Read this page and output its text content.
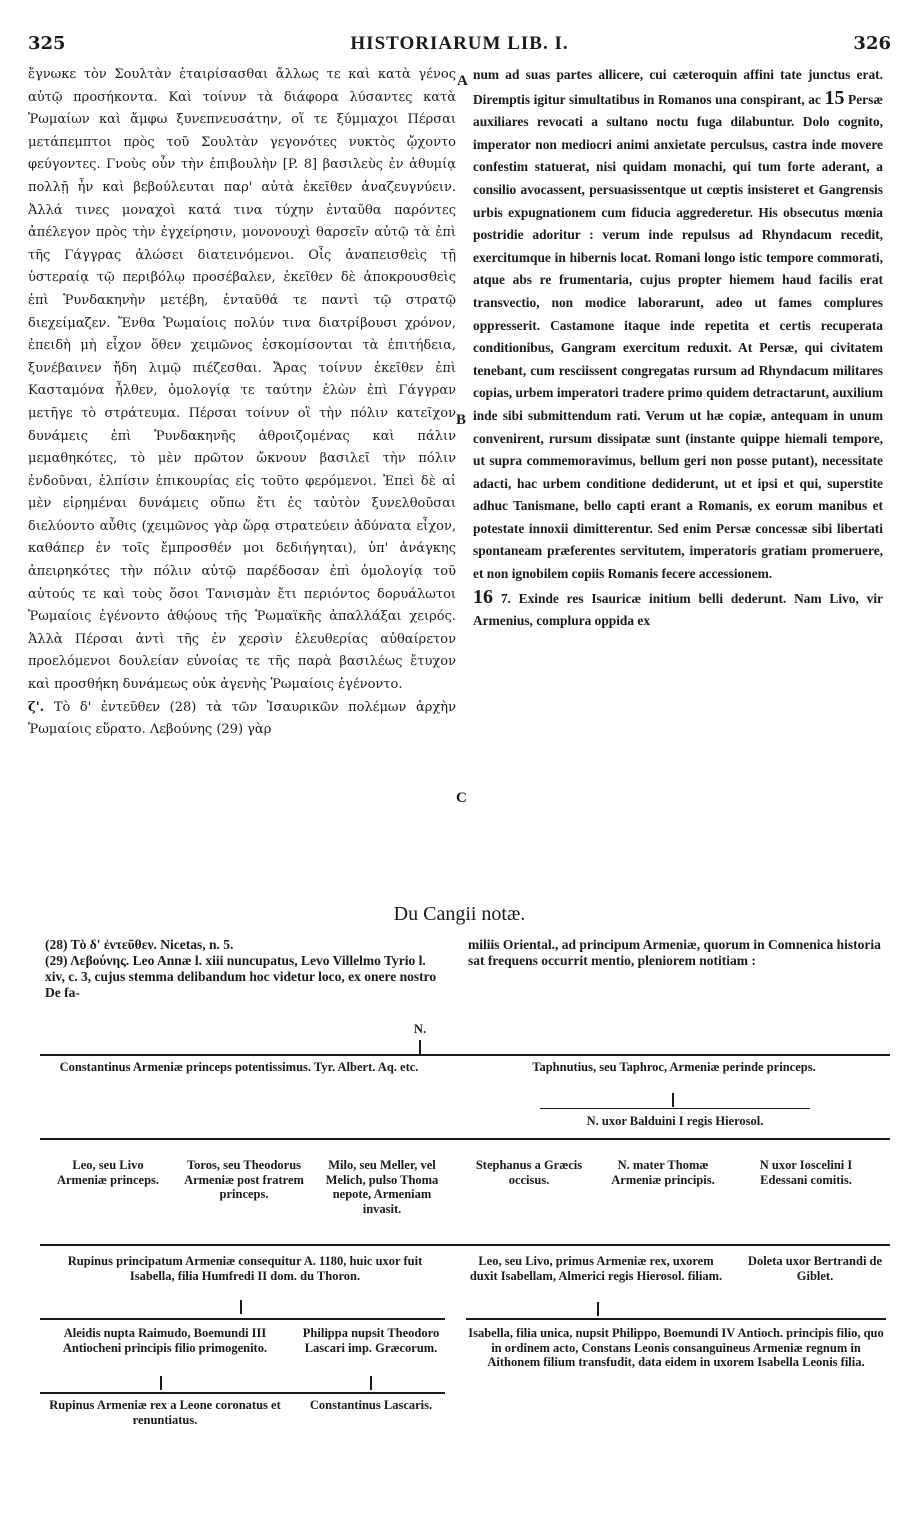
325	HISTORIARUM LIB. I.	326

ἔγνωκε τὸν Σουλτὰν ἑταιρίσασθαι ἄλλως τε καὶ κατὰ γένος αὐτῷ προσήκοντα. Καὶ τοίνυν τὰ διάφορα λύσαντες κατὰ Ῥωμαίων καὶ ἄμφω ξυνεπνευσάτην, οἵ τε ξύμμαχοι Πέρσαι μετάπεμπτοι πρὸς τοῦ Σουλτὰν γεγονότες νυκτὸς ᾤχοντο φεύγοντες. Γνοὺς οὖν τὴν ἐπιβουλὴν [P. 8] βασιλεὺς ἐν ἀθυμίᾳ πολλῇ ἦν καὶ βεβούλευται παρ' αὐτὰ ἐκεῖθεν ἀναζευγνύειν. Ἀλλά τινες μοναχοὶ κατά τινα τύχην ἐνταῦθα παρόντες ἀπέλεγον πρὸς τὴν ἐγχείρησιν, μονονουχὶ θαρσεῖν αὐτῷ τὰ ἐπὶ τῆς Γάγγρας ἁλώσει διατεινόμενοι. Οἷς ἀναπεισθεὶς τῇ ὑστεραίᾳ τῷ περιβόλῳ προσέβαλεν, ἐκεῖθεν δὲ ἀποκρουσθεὶς ἐπὶ Ῥυνδακηνὴν μετέβη, ἐνταῦθά τε παντὶ τῷ στρατῷ διεχείμαζεν. Ἔνθα Ῥωμαίοις πολύν τινα διατρίβουσι χρόνον, ἐπειδὴ μὴ εἶχον ὅθεν χειμῶνος ἐσκομίσονται τὰ ἐπιτήδεια, ξυνέβαινεν ἤδη λιμῷ πιέζεσθαι. Ἄρας τοίνυν ἐκεῖθεν ἐπὶ Κασταμόνα ἦλθεν, ὁμολογίᾳ τε ταύτην ἑλὼν ἐπὶ Γάγγραν μετῆγε τὸ στράτευμα. Πέρσαι τοίνυν οἳ τὴν πόλιν κατεῖχον δυνάμεις ἐπὶ Ῥυνδακηνῆς ἀθροιζομένας καὶ πάλιν μεμαθηκότες, τὸ μὲν πρῶτον ὤκνουν βασιλεῖ τὴν πόλιν ἐνδοῦναι, ἐλπίσιν ἐπικουρίας εἰς τοῦτο φερόμενοι. Ἐπεὶ δὲ αἱ μὲν εἰρημέναι δυνάμεις οὔπω ἔτι ἐς ταὐτὸν ξυνελθοῦσαι διελύοντο αὖθις (χειμῶνος γὰρ ὥρᾳ στρατεύειν ἀδύνατα εἶχον, καθάπερ ἐν τοῖς ἔμπροσθέν μοι δεδιήγηται), ὑπ' ἀνάγκης ἀπειρηκότες τὴν πόλιν αὐτῷ παρέδοσαν ἐπὶ ὁμολογίᾳ τοῦ αὐτούς τε καὶ τοὺς ὅσοι Τανισμὰν ἔτι περιόντος δορυάλωτοι Ῥωμαίοις ἐγένοντο ἀθῴους τῆς Ῥωμαϊκῆς ἀπαλλάξαι χειρός. Ἀλλὰ Πέρσαι ἀντὶ τῆς ἐν χερσὶν ἐλευθερίας αὐθαίρετον προελόμενοι δουλείαν εὐνοίας τε τῆς παρὰ βασιλέως ἔτυχον καὶ προσθήκη δυνάμεως οὐκ ἀγενὴς Ῥωμαίοις ἐγένοντο.

ζ'. Τὸ δ' ἐντεῦθεν (28) τὰ τῶν Ἰσαυρικῶν πολέμων ἀρχὴν Ῥωμαίοις εὕρατο. Λεβούνης (29) γὰρ

A
B
C

num ad suas partes allicere, cui cæteroquin affini tate junctus erat. Diremptis igitur simultatibus in Romanos una conspirant, ac 15 Persæ auxiliares revocati a sultano noctu fuga dilabuntur. Dolo cognito, imperator non mediocri animi anxietate perculsus, castra inde movere confestim statuerat, nisi quidam monachi, qui tum forte aderant, a consilio avocassent, persuasissentque ut cœptis insisteret et Gangrensis urbis expugnationem cum fiducia aggrederetur. His obsecutus mœnia postridie adoritur : verum inde repulsus ad Rhyndacum recedit, exercitumque in hibernis locat. Romani longo istic tempore commorati, atque abs re frumentaria, cujus propter hiemem haud facilis erat transvectio, non modice laborarunt, adeo ut fames complures oppresserit. Castamone itaque inde repetita et certis recuperata conditionibus, Gangram exercitum reduxit. At Persæ, qui civitatem tenebant, cum resciissent congregatas rursum ad Rhyndacum militares copias, urbem imperatori tradere primo quidem detractarunt, auxilium inde sibi submittendum rati. Verum ut hæ copiæ, antequam in unum convenirent, rursum dissipatæ sunt (instante quippe hiemali tempore, ut supra commemoravimus, bellum geri non posse putant), necessitate adacti, hac urbem conditione dediderunt, ut et ipsi et qui, superstite adhuc Tanismane, bello capti erant a Romanis, ex eorum manibus et potestate innoxii dimitterentur. Sed enim Persæ concessæ sibi libertati spontaneam præferentes servitutem, imperatoris gratiam promeruere, et non ignobilem copiis Romanis fecere accessionem.

16 7. Exinde res Isauricæ initium belli dederunt. Nam Livo, vir Armenius, complura oppida ex

Du Cangii notæ.

(28) Τὸ δ' ἐντεῦθεν. Nicetas, n. 5.

(29) Λεβούνης. Leo Annæ l. xiii nuncupatus, Levo Villelmo Tyrio l. xiv, c. 3, cujus stemma delibandum hoc videtur loco, ex onere nostro De fa-

miliis Oriental., ad principum Armeniæ, quorum in Comnenica historia sat frequens occurrit mentio, pleniorem notitiam :

N.
Constantinus Armeniæ princeps potentissimus. Tyr. Albert. Aq. etc.	Taphnutius, seu Taphroc, Armeniæ perinde princeps.
N. uxor Balduini I regis Hierosol.
Leo, seu Livo Armeniæ princeps.
Toros, seu Theodorus Armeniæ post fratrem princeps.
Milo, seu Meller, vel Melich, pulso Thoma nepote, Armeniam invasit.
Stephanus a Græcis occisus.
N. mater Thomæ Armeniæ principis.
N uxor Ioscelini I Edessani comitis.
Rupinus principatum Armeniæ consequitur A. 1180, huic uxor fuit Isabella, filia Humfredi II dom. du Thoron.
Leo, seu Livo, primus Armeniæ rex, uxorem duxit Isabellam, Almerici regis Hierosol. filiam.
Doleta uxor Bertrandi de Giblet.
Aleidis nupta Raimudo, Boemundi III Antiocheni principis filio primogenito.
Philippa nupsit Theodoro Lascari imp. Græcorum.
Isabella, filia unica, nupsit Philippo, Boemundi IV Antioch. principis filio, quo in ordinem acto, Constans Leonis consanguineus Armeniæ regnum in Aithonem filium transfudit, data eidem in uxorem Isabella Leonis filia.
Rupinus Armeniæ rex a Leone coronatus et renuntiatus.
Constantinus Lascaris.
